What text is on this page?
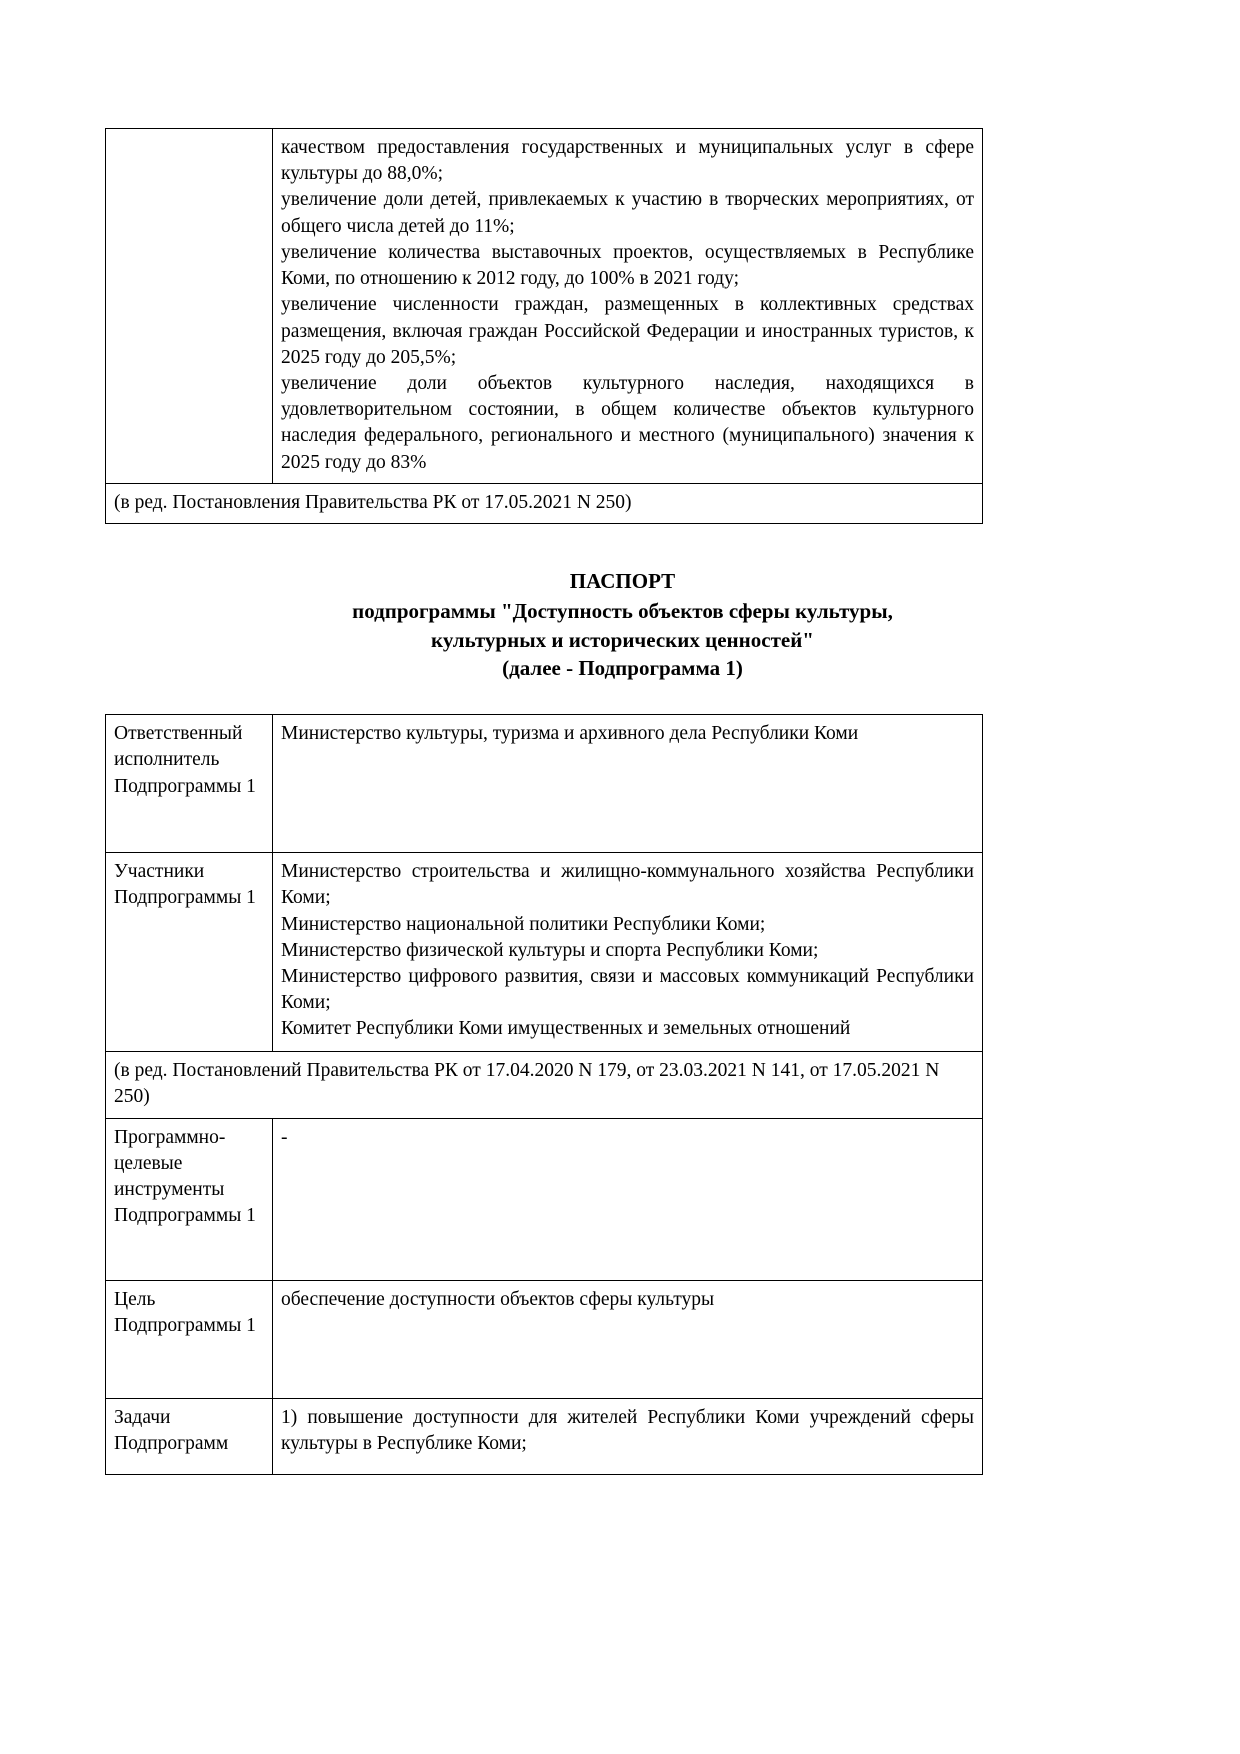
качеством предоставления государственных и муниципальных услуг в сфере культуры до 88,0%;

увеличение доли детей, привлекаемых к участию в творческих мероприятиях, от общего числа детей до 11%;

увеличение количества выставочных проектов, осуществляемых в Республике Коми, по отношению к 2012 году, до 100% в 2021 году;

увеличение численности граждан, размещенных в коллективных средствах размещения, включая граждан Российской Федерации и иностранных туристов, к 2025 году до 205,5%;

увеличение доли объектов культурного наследия, находящихся в удовлетворительном состоянии, в общем количестве объектов культурного наследия федерального, регионального и местного (муниципального) значения к 2025 году до 83%

(в ред. Постановления Правительства РК от 17.05.2021 N 250)
ПАСПОРТ
подпрограммы "Доступность объектов сферы культуры,
культурных и исторических ценностей"
(далее - Подпрограмма 1)
Ответственный исполнитель Подпрограммы 1	Министерство культуры, туризма и архивного дела Республики Коми

Участники Подпрограммы 1	Министерство строительства и жилищно-коммунального хозяйства Республики Коми;

Министерство национальной политики Республики Коми;

Министерство физической культуры и спорта Республики Коми;

Министерство цифрового развития, связи и массовых коммуникаций Республики Коми;

Комитет Республики Коми имущественных и земельных отношений

(в ред. Постановлений Правительства РК от 17.04.2020 N 179, от 23.03.2021 N 141, от 17.05.2021 N 250)	
Программно-целевые инструменты Подпрограммы 1	-

Цель Подпрограммы 1	обеспечение доступности объектов сферы культуры

Задачи Подпрограмм	1) повышение доступности для жителей Республики Коми учреждений сферы культуры в Республике Коми;
